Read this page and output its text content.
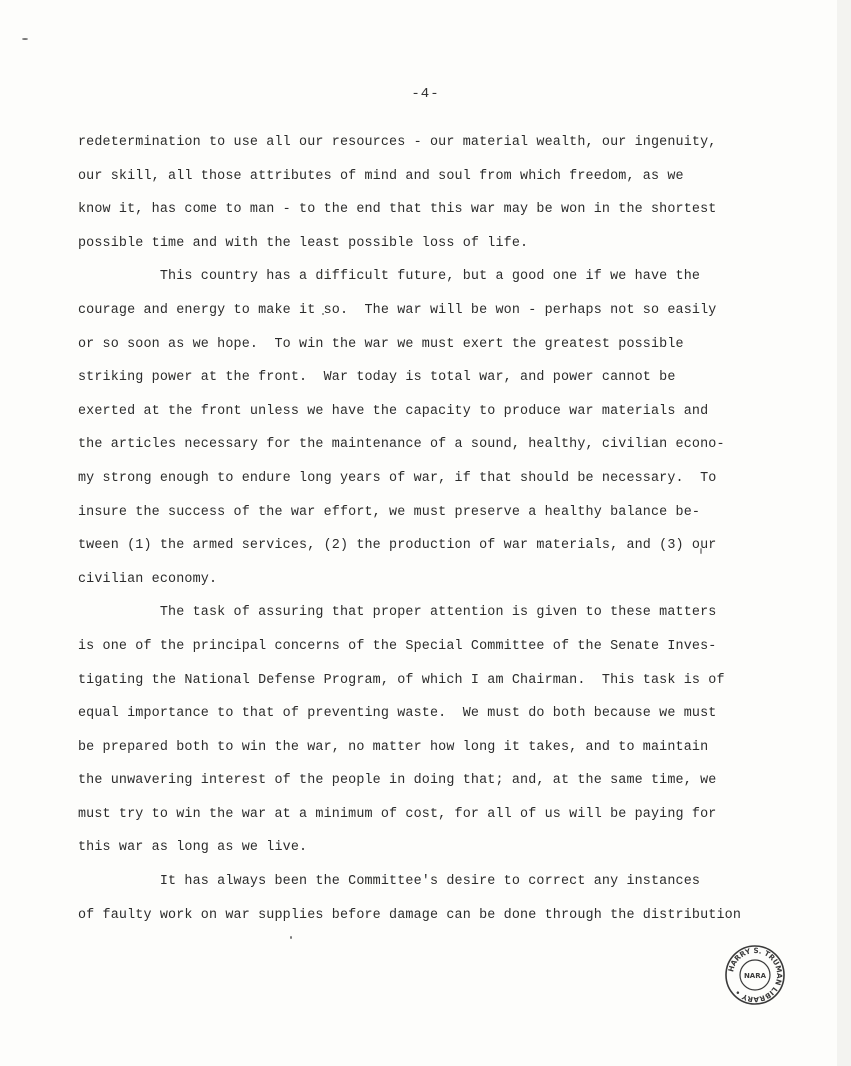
-4-
redetermination to use all our resources - our material wealth, our ingenuity,
our skill, all those attributes of mind and soul from which freedom, as we
know it, has come to man - to the end that this war may be won in the shortest
possible time and with the least possible loss of life.
This country has a difficult future, but a good one if we have the
courage and energy to make it so.  The war will be won - perhaps not so easily
or so soon as we hope.  To win the war we must exert the greatest possible
striking power at the front.  War today is total war, and power cannot be
exerted at the front unless we have the capacity to produce war materials and
the articles necessary for the maintenance of a sound, healthy, civilian econo-
my strong enough to endure long years of war, if that should be necessary.  To
insure the success of the war effort, we must preserve a healthy balance be-
tween (1) the armed services, (2) the production of war materials, and (3) our
civilian economy.
The task of assuring that proper attention is given to these matters
is one of the principal concerns of the Special Committee of the Senate Inves-
tigating the National Defense Program, of which I am Chairman.  This task is of
equal importance to that of preventing waste.  We must do both because we must
be prepared both to win the war, no matter how long it takes, and to maintain
the unwavering interest of the people in doing that; and, at the same time, we
must try to win the war at a minimum of cost, for all of us will be paying for
this war as long as we live.
It has always been the Committee's desire to correct any instances
of faulty work on war supplies before damage can be done through the distribution
HARRY S. TRUMAN LIBRARY •
NARA
